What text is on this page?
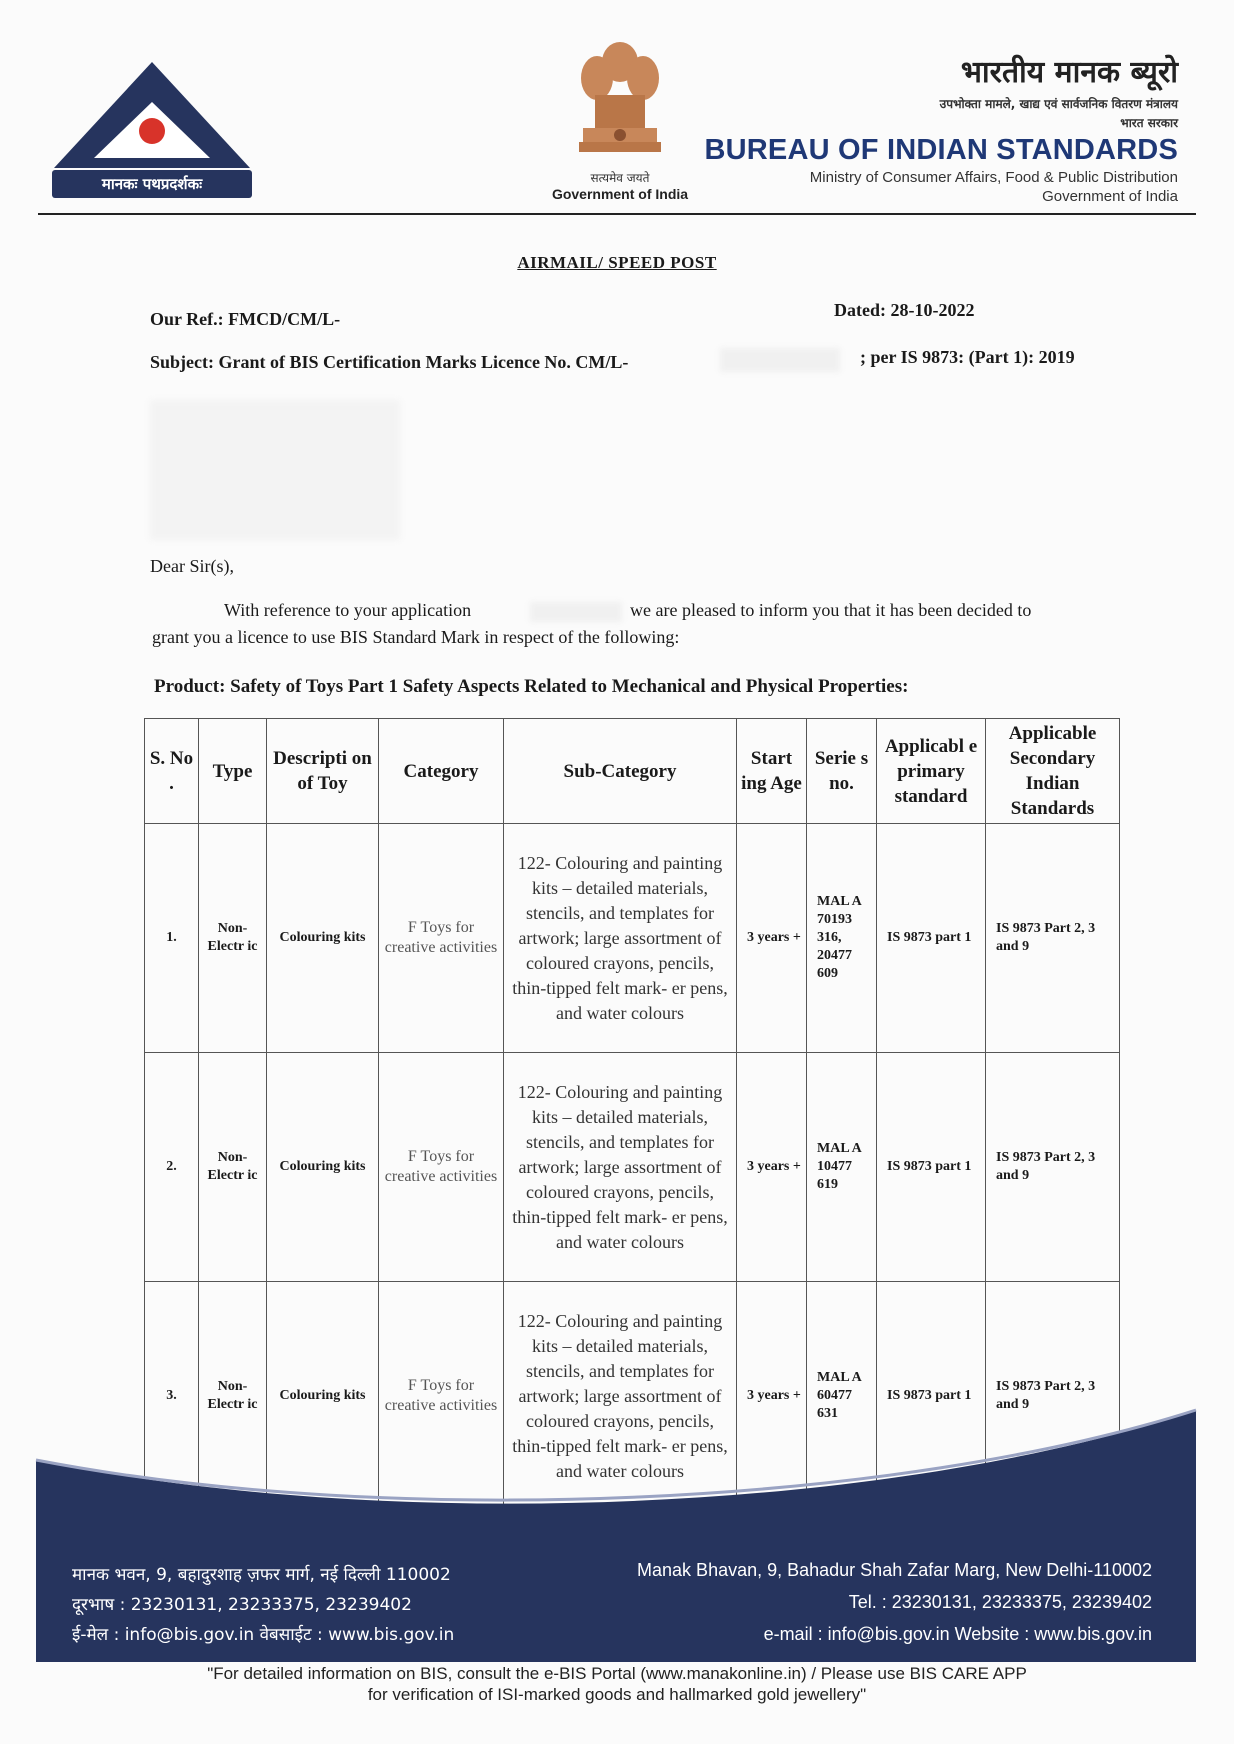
मानकः पथप्रदर्शकः	सत्यमेव जयते
Government of India
भारतीय मानक ब्यूरो
उपभोक्ता मामले, खाद्य एवं सार्वजनिक वितरण मंत्रालय
भारत सरकार
BUREAU OF INDIAN STANDARDS
Ministry of Consumer Affairs, Food & Public Distribution
Government of India
AIRMAIL/ SPEED POST
Our Ref.: FMCD/CM/L-	Dated: 28-10-2022
Subject: Grant of BIS Certification Marks Licence No. CM/L-	; per IS 9873: (Part 1): 2019
Dear Sir(s),
With reference to your application	we are pleased to inform you that it has been decided to
grant you a licence to use BIS Standard Mark in respect of the following:
Product: Safety of Toys Part 1 Safety Aspects Related to Mechanical and Physical Properties:
S. No .	Type	Descripti on of Toy	Category	Sub-Category	Start ing Age	Serie s no.	Applicabl e primary standard	Applicable Secondary Indian Standards
1.	Non- Electr ic	Colouring kits	F Toys for creative activities	122- Colouring and painting kits – detailed materials, stencils, and templates for artwork; large assortment of coloured crayons, pencils, thin-tipped felt mark- er pens, and water colours	3 years +	MAL A 70193 316, 20477 609	IS 9873 part 1	IS 9873 Part 2, 3 and 9
2.	Non- Electr ic	Colouring kits	F Toys for creative activities	122- Colouring and painting kits – detailed materials, stencils, and templates for artwork; large assortment of coloured crayons, pencils, thin-tipped felt mark- er pens, and water colours	3 years +	MAL A 10477 619	IS 9873 part 1	IS 9873 Part 2, 3 and 9
3.	Non- Electr ic	Colouring kits	F Toys for creative activities	122- Colouring and painting kits – detailed materials, stencils, and templates for artwork; large assortment of coloured crayons, pencils, thin-tipped felt mark- er pens, and water colours	3 years +	MAL A 60477 631	IS 9873 part 1	IS 9873 Part 2, 3 and 9
मानक भवन, 9, बहादुरशाह ज़फर मार्ग, नई दिल्ली 110002
दूरभाष : 23230131, 23233375, 23239402
ई-मेल : info@bis.gov.in वेबसाईट : www.bis.gov.in
Manak Bhavan, 9, Bahadur Shah Zafar Marg, New Delhi-110002
Tel. : 23230131, 23233375, 23239402
e-mail : info@bis.gov.in Website : www.bis.gov.in
"For detailed information on BIS, consult the e-BIS Portal (www.manakonline.in) / Please use BIS CARE APP
for verification of ISI-marked goods and hallmarked gold jewellery"
